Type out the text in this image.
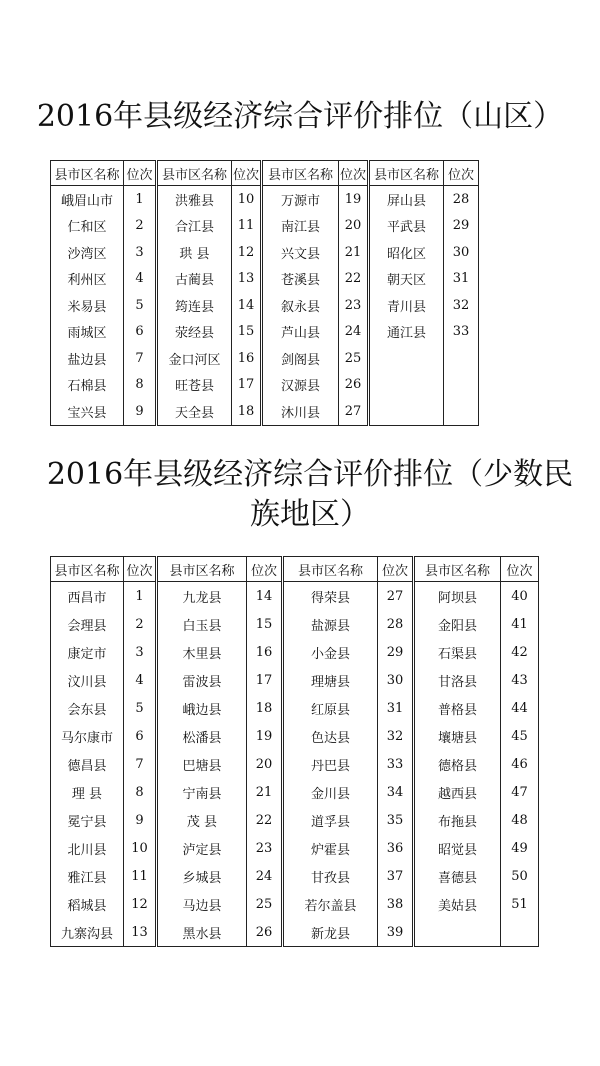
2016年县级经济综合评价排位（山区）
县市区名称	位次	县市区名称	位次	县市区名称	位次	县市区名称	位次
峨眉山市	1	洪雅县	10	万源市	19	屏山县	28
仁和区	2	合江县	11	南江县	20	平武县	29
沙湾区	3	珙 县	12	兴文县	21	昭化区	30
利州区	4	古蔺县	13	苍溪县	22	朝天区	31
米易县	5	筠连县	14	叙永县	23	青川县	32
雨城区	6	荥经县	15	芦山县	24	通江县	33
盐边县	7	金口河区	16	剑阁县	25		
石棉县	8	旺苍县	17	汉源县	26		
宝兴县	9	天全县	18	沐川县	27		
2016年县级经济综合评价排位（少数民族地区）
县市区名称	位次	县市区名称	位次	县市区名称	位次	县市区名称	位次
西昌市	1	九龙县	14	得荣县	27	阿坝县	40
会理县	2	白玉县	15	盐源县	28	金阳县	41
康定市	3	木里县	16	小金县	29	石渠县	42
汶川县	4	雷波县	17	理塘县	30	甘洛县	43
会东县	5	峨边县	18	红原县	31	普格县	44
马尔康市	6	松潘县	19	色达县	32	壤塘县	45
德昌县	7	巴塘县	20	丹巴县	33	德格县	46
理 县	8	宁南县	21	金川县	34	越西县	47
冕宁县	9	茂 县	22	道孚县	35	布拖县	48
北川县	10	泸定县	23	炉霍县	36	昭觉县	49
雅江县	11	乡城县	24	甘孜县	37	喜德县	50
稻城县	12	马边县	25	若尔盖县	38	美姑县	51
九寨沟县	13	黑水县	26	新龙县	39		
